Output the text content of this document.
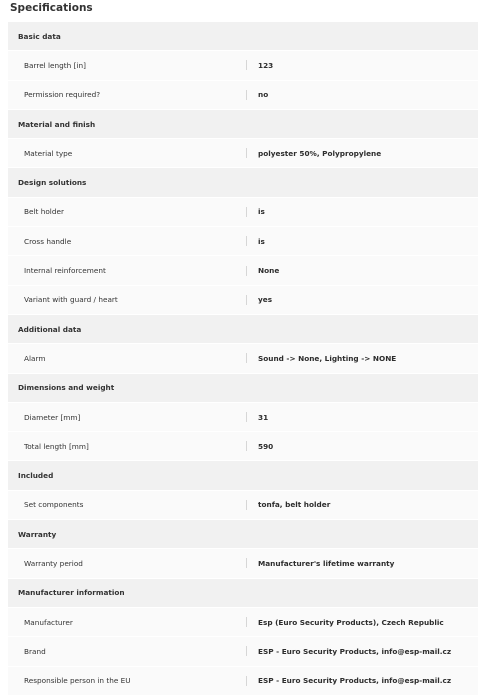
Specifications
Basic data
Barrel length [in]	123
Permission required?	no
Material and finish
Material type	polyester 50%, Polypropylene
Design solutions
Belt holder	is
Cross handle	is
Internal reinforcement	None
Variant with guard / heart	yes
Additional data
Alarm	Sound -> None, Lighting -> NONE
Dimensions and weight
Diameter [mm]	31
Total length [mm]	590
Included
Set components	tonfa, belt holder
Warranty
Warranty period	Manufacturer's lifetime warranty
Manufacturer information
Manufacturer	Esp (Euro Security Products), Czech Republic
Brand	ESP - Euro Security Products, info@esp-mail.cz
Responsible person in the EU	ESP - Euro Security Products, info@esp-mail.cz
